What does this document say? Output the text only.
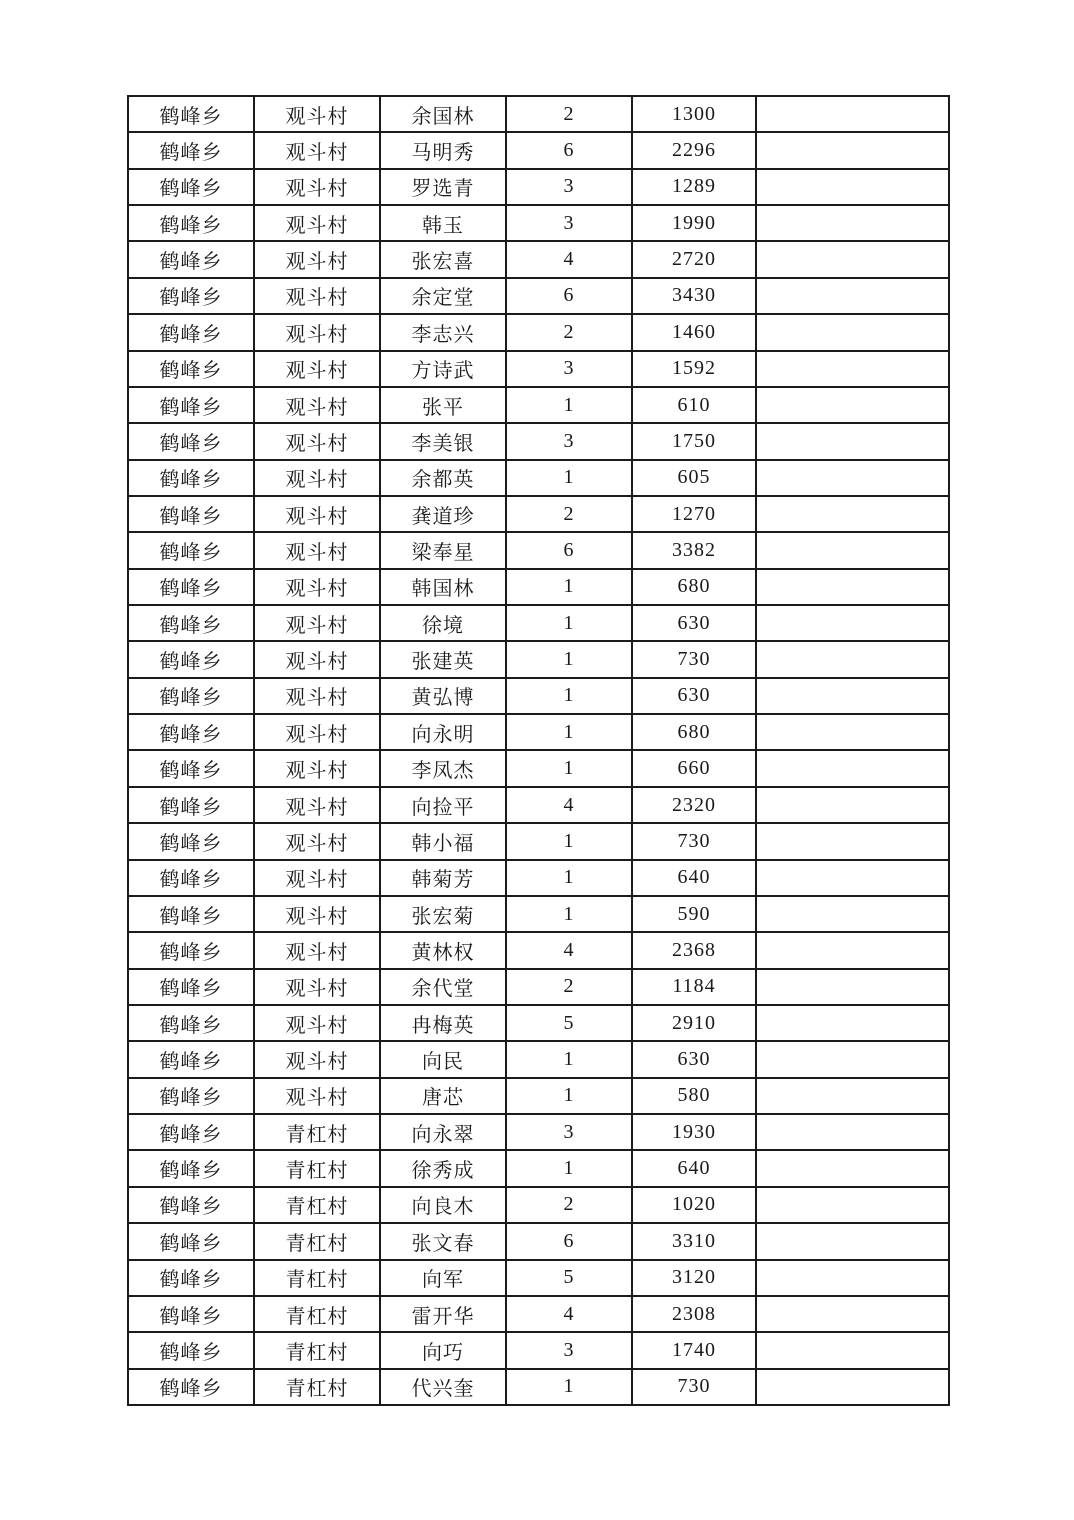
鹤峰乡	观斗村	余国林	2	1300	
鹤峰乡	观斗村	马明秀	6	2296	
鹤峰乡	观斗村	罗选青	3	1289	
鹤峰乡	观斗村	韩玉	3	1990	
鹤峰乡	观斗村	张宏喜	4	2720	
鹤峰乡	观斗村	余定堂	6	3430	
鹤峰乡	观斗村	李志兴	2	1460	
鹤峰乡	观斗村	方诗武	3	1592	
鹤峰乡	观斗村	张平	1	610	
鹤峰乡	观斗村	李美银	3	1750	
鹤峰乡	观斗村	余都英	1	605	
鹤峰乡	观斗村	龚道珍	2	1270	
鹤峰乡	观斗村	梁奉星	6	3382	
鹤峰乡	观斗村	韩国林	1	680	
鹤峰乡	观斗村	徐境	1	630	
鹤峰乡	观斗村	张建英	1	730	
鹤峰乡	观斗村	黄弘博	1	630	
鹤峰乡	观斗村	向永明	1	680	
鹤峰乡	观斗村	李凤杰	1	660	
鹤峰乡	观斗村	向捡平	4	2320	
鹤峰乡	观斗村	韩小福	1	730	
鹤峰乡	观斗村	韩菊芳	1	640	
鹤峰乡	观斗村	张宏菊	1	590	
鹤峰乡	观斗村	黄林权	4	2368	
鹤峰乡	观斗村	余代堂	2	1184	
鹤峰乡	观斗村	冉梅英	5	2910	
鹤峰乡	观斗村	向民	1	630	
鹤峰乡	观斗村	唐芯	1	580	
鹤峰乡	青杠村	向永翠	3	1930	
鹤峰乡	青杠村	徐秀成	1	640	
鹤峰乡	青杠村	向良木	2	1020	
鹤峰乡	青杠村	张文春	6	3310	
鹤峰乡	青杠村	向军	5	3120	
鹤峰乡	青杠村	雷开华	4	2308	
鹤峰乡	青杠村	向巧	3	1740	
鹤峰乡	青杠村	代兴奎	1	730	
